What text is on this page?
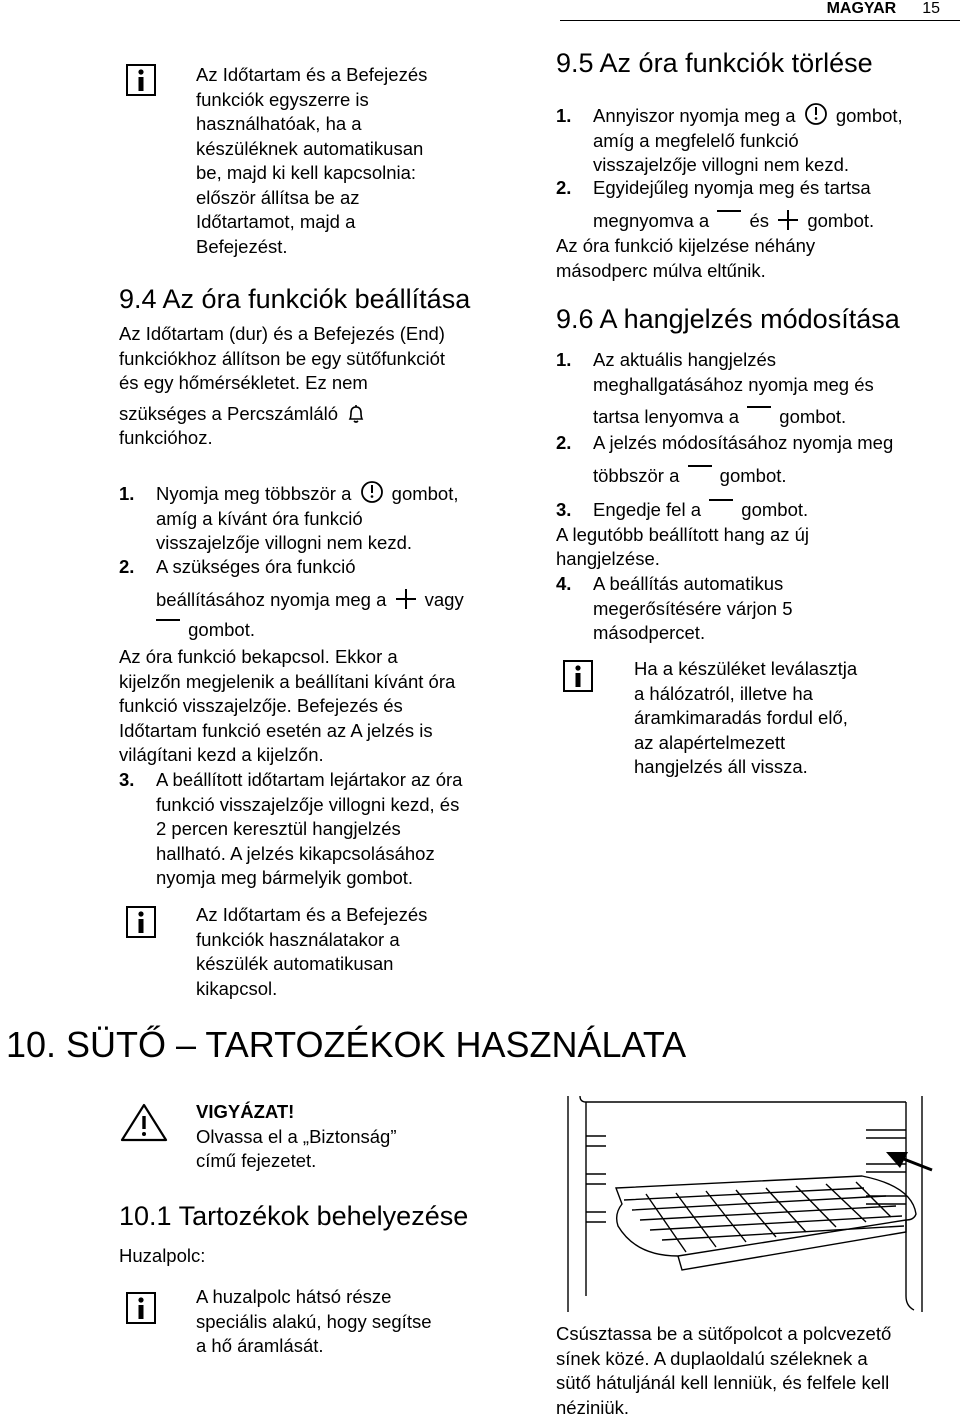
MAGYAR 15
Az Időtartam és a Befejezés
funkciók egyszerre is
használhatóak, ha a
készüléknek automatikusan
be, majd ki kell kapcsolnia:
először állítsa be az
Időtartamot, majd a
Befejezést.
9.4 Az óra funkciók beállítása
Az Időtartam (dur) és a Befejezés (End)
funkciókhoz állítson be egy sütőfunkciót
és egy hőmérsékletet. Ez nem
szükséges a Percszámláló
funkcióhoz.
1. Nyomja meg többször a gombot,
amíg a kívánt óra funkció
visszajelzője villogni nem kezd.
2. A szükséges óra funkció
beállításához nyomja meg a vagy
gombot.
Az óra funkció bekapcsol. Ekkor a
kijelzőn megjelenik a beállítani kívánt óra
funkció visszajelzője. Befejezés és
Időtartam funkció esetén az A jelzés is
világítani kezd a kijelzőn.
3. A beállított időtartam lejártakor az óra
funkció visszajelzője villogni kezd, és
2 percen keresztül hangjelzés
hallható. A jelzés kikapcsolásához
nyomja meg bármelyik gombot.
Az Időtartam és a Befejezés
funkciók használatakor a
készülék automatikusan
kikapcsol.
9.5 Az óra funkciók törlése
1. Annyiszor nyomja meg a gombot,
amíg a megfelelő funkció
visszajelzője villogni nem kezd.
2. Egyidejűleg nyomja meg és tartsa
megnyomva a és gombot.
Az óra funkció kijelzése néhány
másodperc múlva eltűnik.
9.6 A hangjelzés módosítása
1. Az aktuális hangjelzés
meghallgatásához nyomja meg és
tartsa lenyomva a gombot.
2. A jelzés módosításához nyomja meg
többször a gombot.
3. Engedje fel a gombot.
A legutóbb beállított hang az új
hangjelzése.
4. A beállítás automatikus
megerősítésére várjon 5
másodpercet.
Ha a készüléket leválasztja
a hálózatról, illetve ha
áramkimaradás fordul elő,
az alapértelmezett
hangjelzés áll vissza.
10. SÜTŐ – TARTOZÉKOK HASZNÁLATA
VIGYÁZAT!
Olvassa el a „Biztonság”
című fejezetet.
10.1 Tartozékok behelyezése
Huzalpolc:
A huzalpolc hátsó része
speciális alakú, hogy segítse
a hő áramlását.
Csúsztassa be a sütőpolcot a polcvezető
sínek közé. A duplaoldalú széleknek a
sütő hátuljánál kell lenniük, és felfele kell
néziniük.
